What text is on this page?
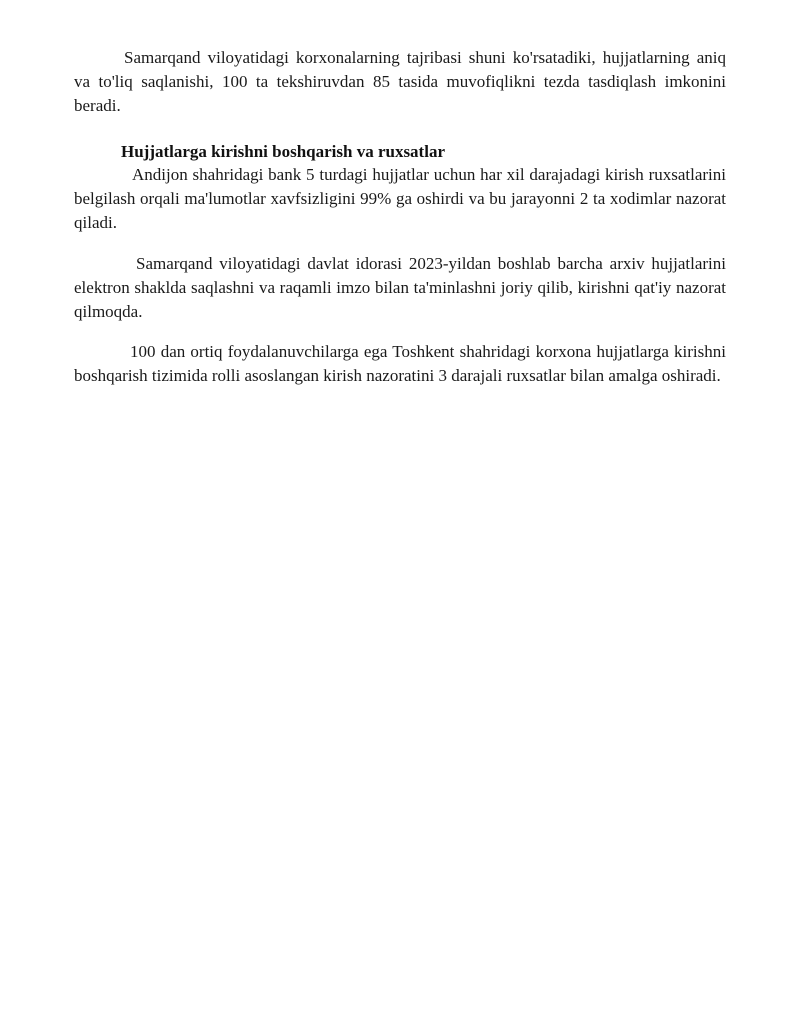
Samarqand viloyatidagi korxonalarning tajribasi shuni ko'rsatadiki, hujjatlarning aniq va to'liq saqlanishi, 100 ta tekshiruvdan 85 tasida muvofiqlikni tezda tasdiqlash imkonini beradi.

Hujjatlarga kirishni boshqarish va ruxsatlar

Andijon shahridagi bank 5 turdagi hujjatlar uchun har xil darajadagi kirish ruxsatlarini belgilash orqali ma'lumotlar xavfsizligini 99% ga oshirdi va bu jarayonni 2 ta xodimlar nazorat qiladi.

Samarqand viloyatidagi davlat idorasi 2023-yildan boshlab barcha arxiv hujjatlarini elektron shaklda saqlashni va raqamli imzo bilan ta'minlashni joriy qilib, kirishni qat'iy nazorat qilmoqda.

100 dan ortiq foydalanuvchilarga ega Toshkent shahridagi korxona hujjatlarga kirishni boshqarish tizimida rolli asoslangan kirish nazoratini 3 darajali ruxsatlar bilan amalga oshiradi.
